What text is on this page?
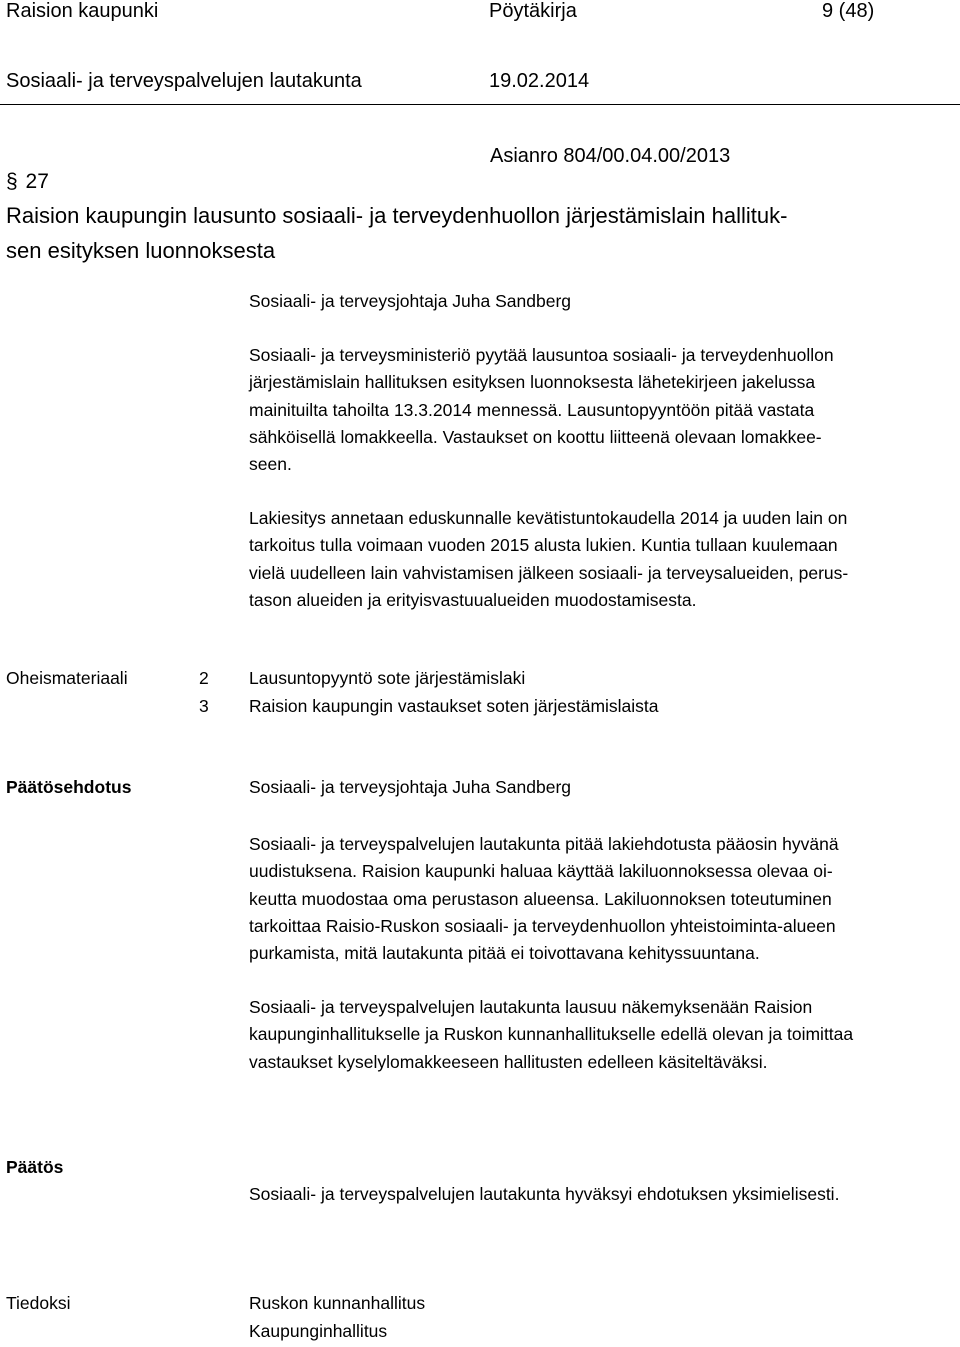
Raision kaupunki	Pöytäkirja	9 (48)
Sosiaali- ja terveyspalvelujen lautakunta	19.02.2014
Asianro 804/00.04.00/2013
§ 27
Raision kaupungin lausunto sosiaali- ja terveydenhuollon järjestämislain hallituk-
sen esityksen luonnoksesta
Sosiaali- ja terveysjohtaja Juha Sandberg
Sosiaali- ja terveysministeriö pyytää lausuntoa sosiaali- ja terveydenhuollon
järjestämislain hallituksen esityksen luonnoksesta lähetekirjeen jakelussa
mainituilta tahoilta 13.3.2014 mennessä. Lausuntopyyntöön pitää vastata
sähköisellä lomakkeella. Vastaukset on koottu liitteenä olevaan lomakkee-
seen.
Lakiesitys annetaan eduskunnalle kevätistuntokaudella 2014 ja uuden lain on
tarkoitus tulla voimaan vuoden 2015 alusta lukien. Kuntia tullaan kuulemaan
vielä uudelleen lain vahvistamisen jälkeen sosiaali- ja terveysalueiden, perus-
tason alueiden ja erityisvastuualueiden muodostamisesta.
Oheismateriaali	2 Lausuntopyyntö sote järjestämislaki
3 Raision kaupungin vastaukset soten järjestämislaista
Päätösehdotus	Sosiaali- ja terveysjohtaja Juha Sandberg
Sosiaali- ja terveyspalvelujen lautakunta pitää lakiehdotusta pääosin hyvänä
uudistuksena. Raision kaupunki haluaa käyttää lakiluonnoksessa olevaa oi-
keutta muodostaa oma perustason alueensa. Lakiluonnoksen toteutuminen
tarkoittaa Raisio-Ruskon sosiaali- ja terveydenhuollon yhteistoiminta-alueen
purkamista, mitä lautakunta pitää ei toivottavana kehityssuuntana.
Sosiaali- ja terveyspalvelujen lautakunta lausuu näkemyksenään Raision
kaupunginhallitukselle ja Ruskon kunnanhallitukselle edellä olevan ja toimittaa
vastaukset kyselylomakkeeseen hallitusten edelleen käsiteltäväksi.
Päätös
Sosiaali- ja terveyspalvelujen lautakunta hyväksyi ehdotuksen yksimielisesti.
Tiedoksi	Ruskon kunnanhallitus
Kaupunginhallitus
